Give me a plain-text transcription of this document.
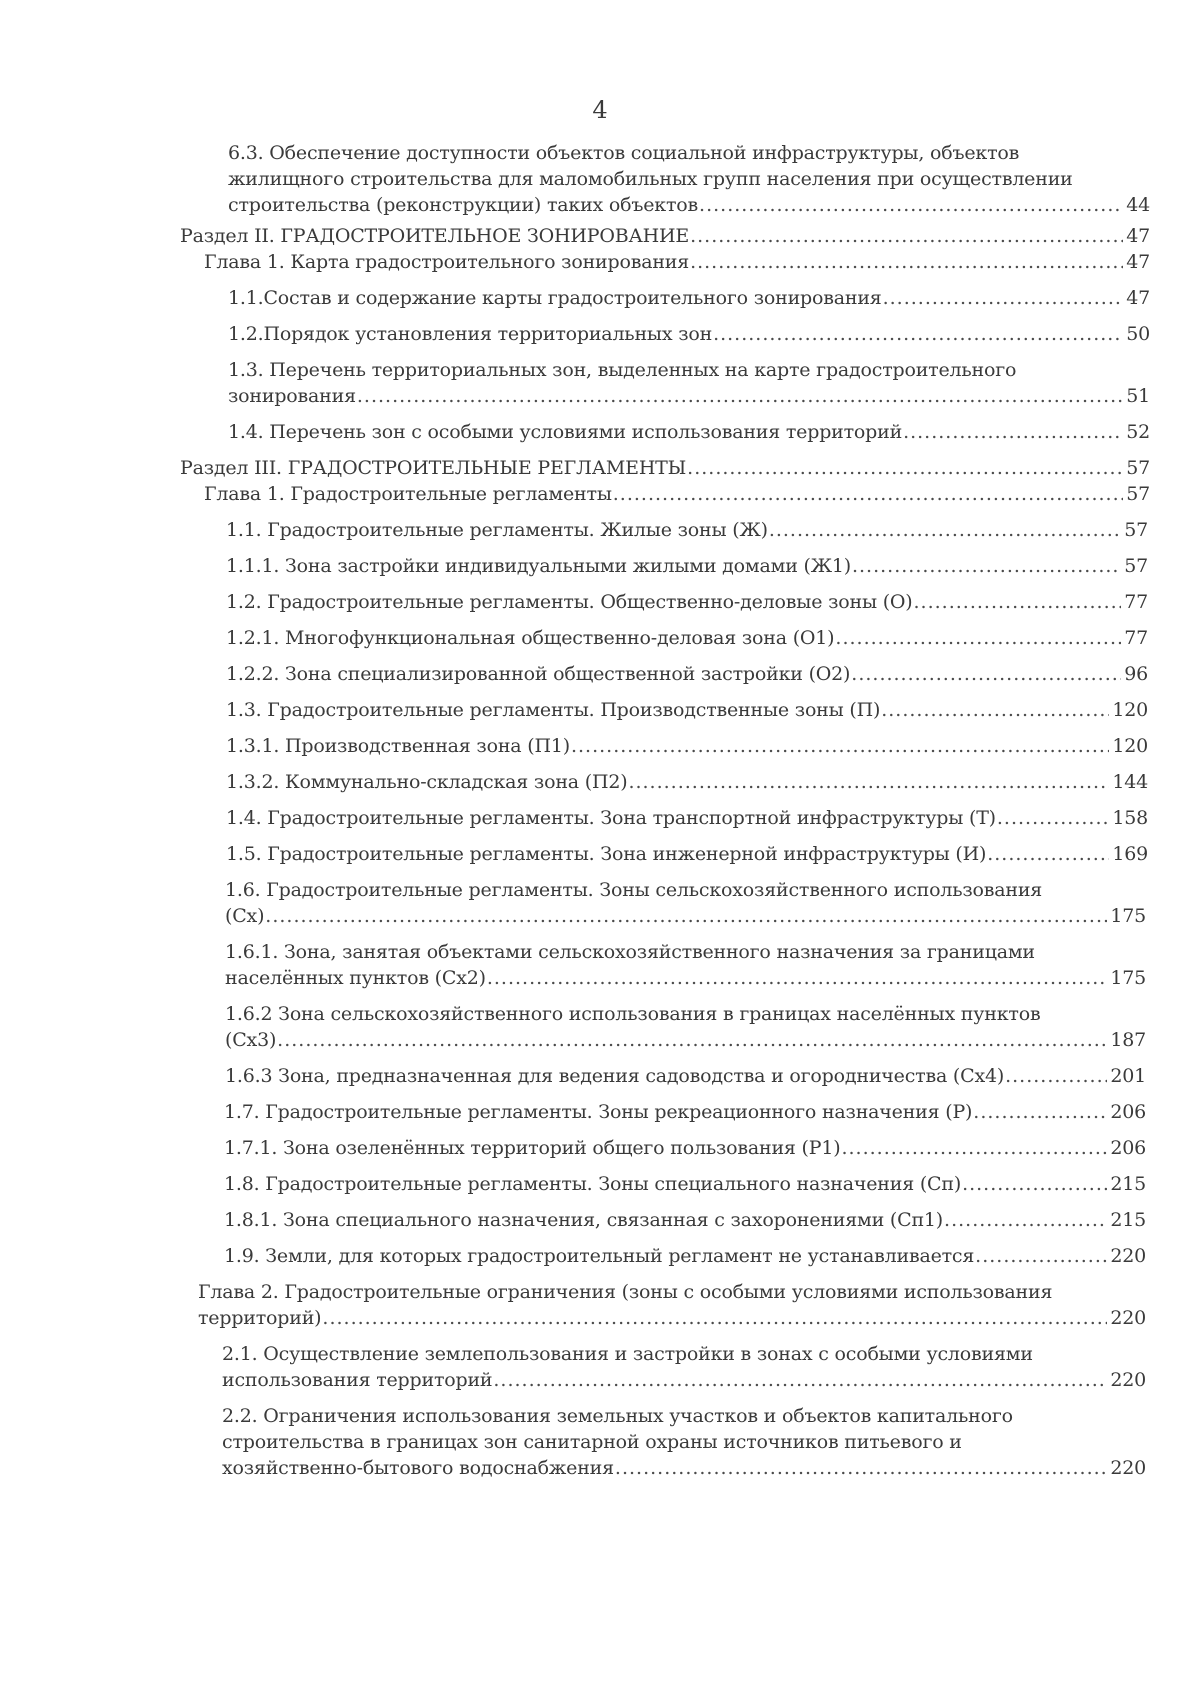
4
6.3. Обеспечение доступности объектов социальной инфраструктуры, объектов
жилищного строительства для маломобильных групп населения при осуществлении
строительства (реконструкции) таких объектов .....	44
Раздел II. ГРАДОСТРОИТЕЛЬНОЕ ЗОНИРОВАНИЕ .....	47
Глава 1. Карта градостроительного зонирования .....	47
1.1.Состав и содержание карты градостроительного зонирования .....	47
1.2.Порядок установления территориальных зон .....	50
1.3. Перечень территориальных зон, выделенных на карте градостроительного
зонирования .....	51
1.4. Перечень зон с особыми условиями использования территорий .....	52
Раздел III. ГРАДОСТРОИТЕЛЬНЫЕ РЕГЛАМЕНТЫ .....	57
Глава 1. Градостроительные регламенты .....	57
1.1. Градостроительные регламенты. Жилые зоны (Ж) .....	57
1.1.1. Зона застройки индивидуальными жилыми домами (Ж1) .....	57
1.2. Градостроительные регламенты. Общественно-деловые зоны (О) .....	77
1.2.1. Многофункциональная общественно-деловая зона (О1) .....	77
1.2.2. Зона специализированной общественной застройки (О2) .....	96
1.3. Градостроительные регламенты. Производственные зоны (П) .....	120
1.3.1. Производственная зона (П1) .....	120
1.3.2. Коммунально-складская зона (П2) .....	144
1.4. Градостроительные регламенты. Зона транспортной инфраструктуры (Т) .....	158
1.5. Градостроительные регламенты. Зона инженерной инфраструктуры (И) .....	169
1.6. Градостроительные регламенты. Зоны сельскохозяйственного использования
(Сх) .....	175
1.6.1. Зона, занятая объектами сельскохозяйственного назначения за границами
населённых пунктов (Сх2) .....	175
1.6.2 Зона сельскохозяйственного использования в границах населённых пунктов
(Сх3) .....	187
1.6.3 Зона, предназначенная для ведения садоводства и огородничества (Сх4) .....	201
1.7. Градостроительные регламенты. Зоны рекреационного назначения (Р) .....	206
1.7.1. Зона озеленённых территорий общего пользования (Р1) .....	206
1.8. Градостроительные регламенты. Зоны специального назначения (Сп) .....	215
1.8.1. Зона специального назначения, связанная с захоронениями (Сп1) .....	215
1.9. Земли, для которых градостроительный регламент не устанавливается .....	220
Глава 2. Градостроительные ограничения (зоны с особыми условиями использования
территорий) .....	220
2.1. Осуществление землепользования и застройки в зонах с особыми условиями
использования территорий .....	220
2.2. Ограничения использования земельных участков и объектов капитального
строительства в границах зон санитарной охраны источников питьевого и
хозяйственно-бытового водоснабжения .....	220
